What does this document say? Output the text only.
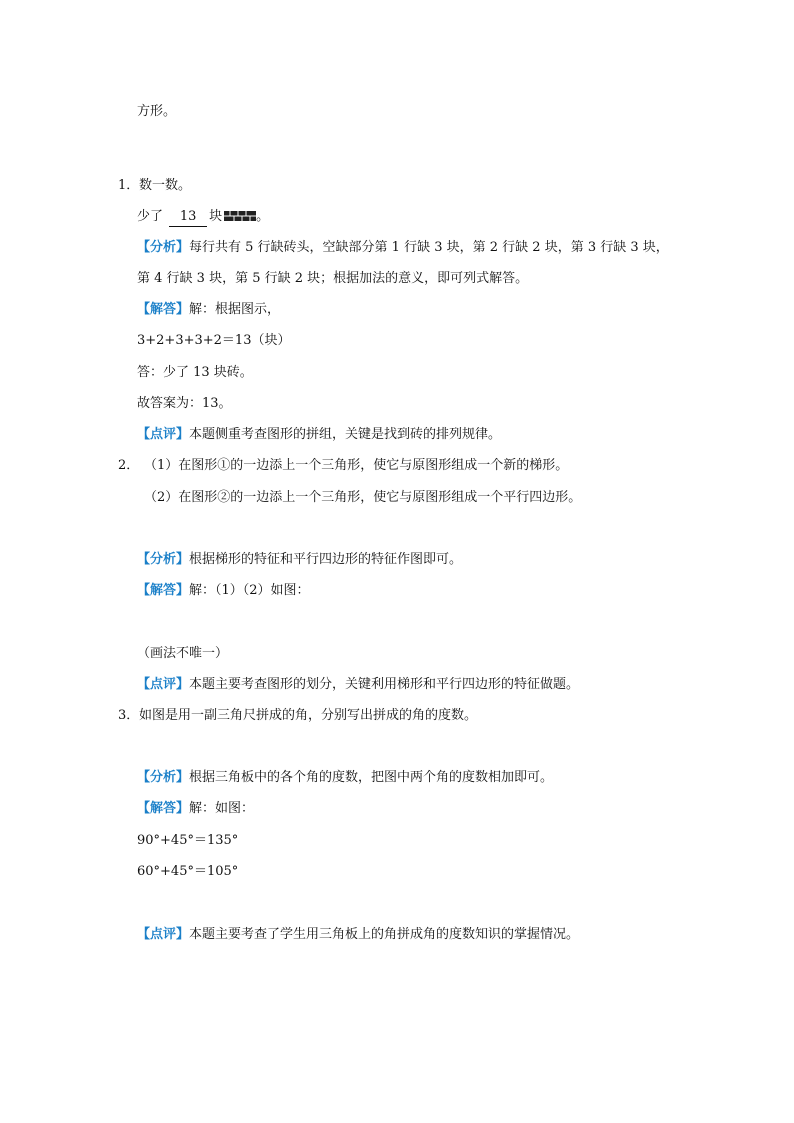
方形。
1． 数一数。
少了 13 块	。
【分析】每行共有 5 行缺砖头，空缺部分第 1 行缺 3 块，第 2 行缺 2 块，第 3 行缺 3 块，
第 4 行缺 3 块，第 5 行缺 2 块；根据加法的意义，即可列式解答。
【解答】解：根据图示，
3+2+3+3+2＝13（块）
答：少了 13 块砖。
故答案为：13。
【点评】本题侧重考查图形的拼组，关键是找到砖的排列规律。
2． （1）在图形①的一边添上一个三角形，使它与原图形组成一个新的梯形。
（2）在图形②的一边添上一个三角形，使它与原图形组成一个平行四边形。
【分析】根据梯形的特征和平行四边形的特征作图即可。
【解答】解：（1）（2）如图：
（画法不唯一）
【点评】本题主要考查图形的划分，关键利用梯形和平行四边形的特征做题。
3． 如图是用一副三角尺拼成的角，分别写出拼成的角的度数。
【分析】根据三角板中的各个角的度数，把图中两个角的度数相加即可。
【解答】解：如图：
90°+45°＝135°
60°+45°＝105°
【点评】本题主要考查了学生用三角板上的角拼成角的度数知识的掌握情况。
